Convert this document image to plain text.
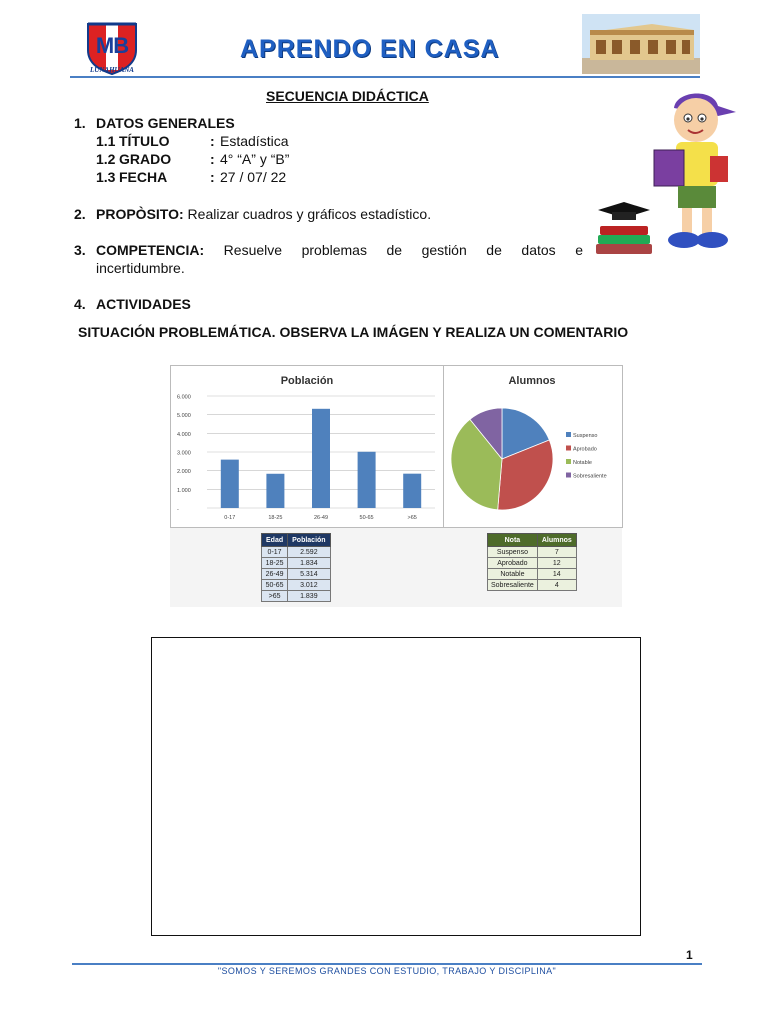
MB
LUNAHUANA
APRENDO EN CASA
SECUENCIA DIDÁCTICA
1. DATOS GENERALES
1.1 TÍTULO	: Estadística
1.2 GRADO	: 4° “A” y “B”
1.3 FECHA	: 27 / 07/ 22
2. PROPÒSITO: Realizar cuadros y gráficos estadístico.
3. COMPETENCIA: Resuelve problemas de gestión de datos e
incertidumbre.
4. ACTIVIDADES
SITUACIÓN PROBLEMÁTICA. OBSERVA LA IMÁGEN Y REALIZA UN COMENTARIO
Población
-
1.000
2.000
3.000
4.000
5.000
6.000
0-17	18-25	26-49	50-65	>65
Alumnos
Suspenso
Aprobado
Notable
Sobresaliente
Edad	Población
0-17	2.592
18-25	1.834
26-49	5.314
50-65	3.012
>65	1.839
Nota	Alumnos
Suspenso	7
Aprobado	12
Notable	14
Sobresaliente	4
1
"SOMOS Y SEREMOS GRANDES CON ESTUDIO, TRABAJO Y DISCIPLINA"
